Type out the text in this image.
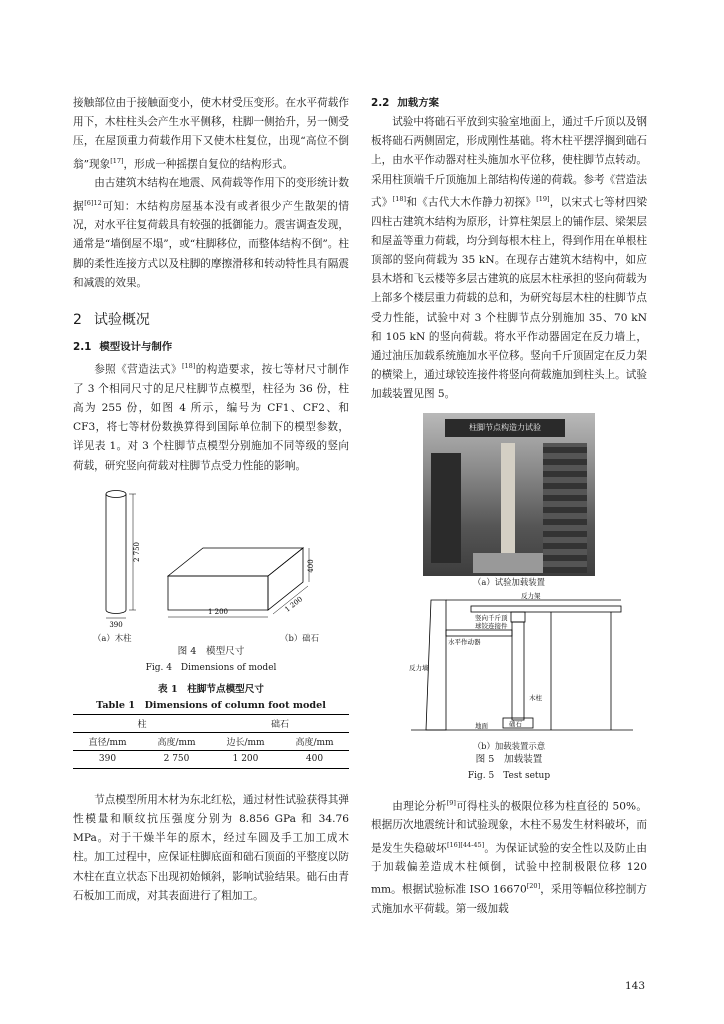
接触部位由于接触面变小，使木材受压变形。在水平荷载作用下，木柱柱头会产生水平侧移，柱脚一侧抬升，另一侧受压，在屋顶重力荷载作用下又使木柱复位，出现“高位不倒翁”现象[17]，形成一种摇摆自复位的结构形式。

由古建筑木结构在地震、风荷载等作用下的变形统计数据$^{[6]12}$可知：木结构房屋基本没有或者很少产生散架的情况，对水平往复荷载具有较强的抵御能力。震害调查发现，通常是“墙倒屋不塌”，或“柱脚移位，而整体结构不倒”。柱脚的柔性连接方式以及柱脚的摩擦滑移和转动特性具有隔震和减震的效果。

2 试验概况
2.1 模型设计与制作

参照《营造法式》[18]的构造要求，按七等材尺寸制作了 3 个相同尺寸的足尺柱脚节点模型，柱径为 36 份，柱高为 255 份，如图 4 所示，编号为 CF1、CF2、和 CF3，将七等材份数换算得到国际单位制下的模型参数，详见表 1。对 3 个柱脚节点模型分别施加不同等级的竖向荷载，研究竖向荷载对柱脚节点受力性能的影响。

2 750
390
400
1 200
1 200
（a）木柱	（b）础石
图 4　模型尺寸
Fig. 4　Dimensions of model
表 1　柱脚节点模型尺寸
Table 1　Dimensions of column foot model
柱		础石	
直径/mm	高度/mm	边长/mm	高度/mm
390	2 750	1 200	400

节点模型所用木材为东北红松，通过材性试验获得其弹性模量和顺纹抗压强度分别为 8.856 GPa 和 34.76 MPa。对于干燥半年的原木，经过车圆及手工加工成木柱。加工过程中，应保证柱脚底面和础石顶面的平整度以防木柱在直立状态下出现初始倾斜，影响试验结果。础石由青石板加工而成，对其表面进行了粗加工。

2.2 加载方案

试验中将础石平放到实验室地面上，通过千斤顶以及钢板将础石两侧固定，形成刚性基础。将木柱平摆浮搁到础石上，由水平作动器对柱头施加水平位移，使柱脚节点转动。采用柱顶端千斤顶施加上部结构传递的荷载。参考《营造法式》[18]和《古代大木作静力初探》[19]，以宋式七等材四梁四柱古建筑木结构为原形，计算柱架层上的铺作层、梁架层和屋盖等重力荷载，均分到每根木柱上，得到作用在单根柱顶部的竖向荷载为 35 kN。在现存古建筑木结构中，如应县木塔和飞云楼等多层古建筑的底层木柱承担的竖向荷载为上部多个楼层重力荷载的总和，为研究每层木柱的柱脚节点受力性能，试验中对 3 个柱脚节点分别施加 35、70 kN 和 105 kN 的竖向荷载。将水平作动器固定在反力墙上，通过油压加载系统施加水平位移。竖向千斤顶固定在反力架的横梁上，通过球铰连接件将竖向荷载施加到柱头上。试验加载装置见图 5。

柱脚节点构造力试验
（a）试验加载装置
反力架
竖向千斤顶
球铰连接件
水平作动器
反力墙
木柱
础石
地面
（b）加载装置示意
图 5　加载装置
Fig. 5　Test setup

由理论分析[9]可得柱头的极限位移为柱直径的 50%。根据历次地震统计和试验现象，木柱不易发生材料破坏，而是发生失稳破坏[16][44-45]。为保证试验的安全性以及防止由于加载偏差造成木柱倾倒，试验中控制极限位移 120 mm。根据试验标准 ISO 16670[20]，采用等幅位移控制方式施加水平荷载。第一级加载

143
